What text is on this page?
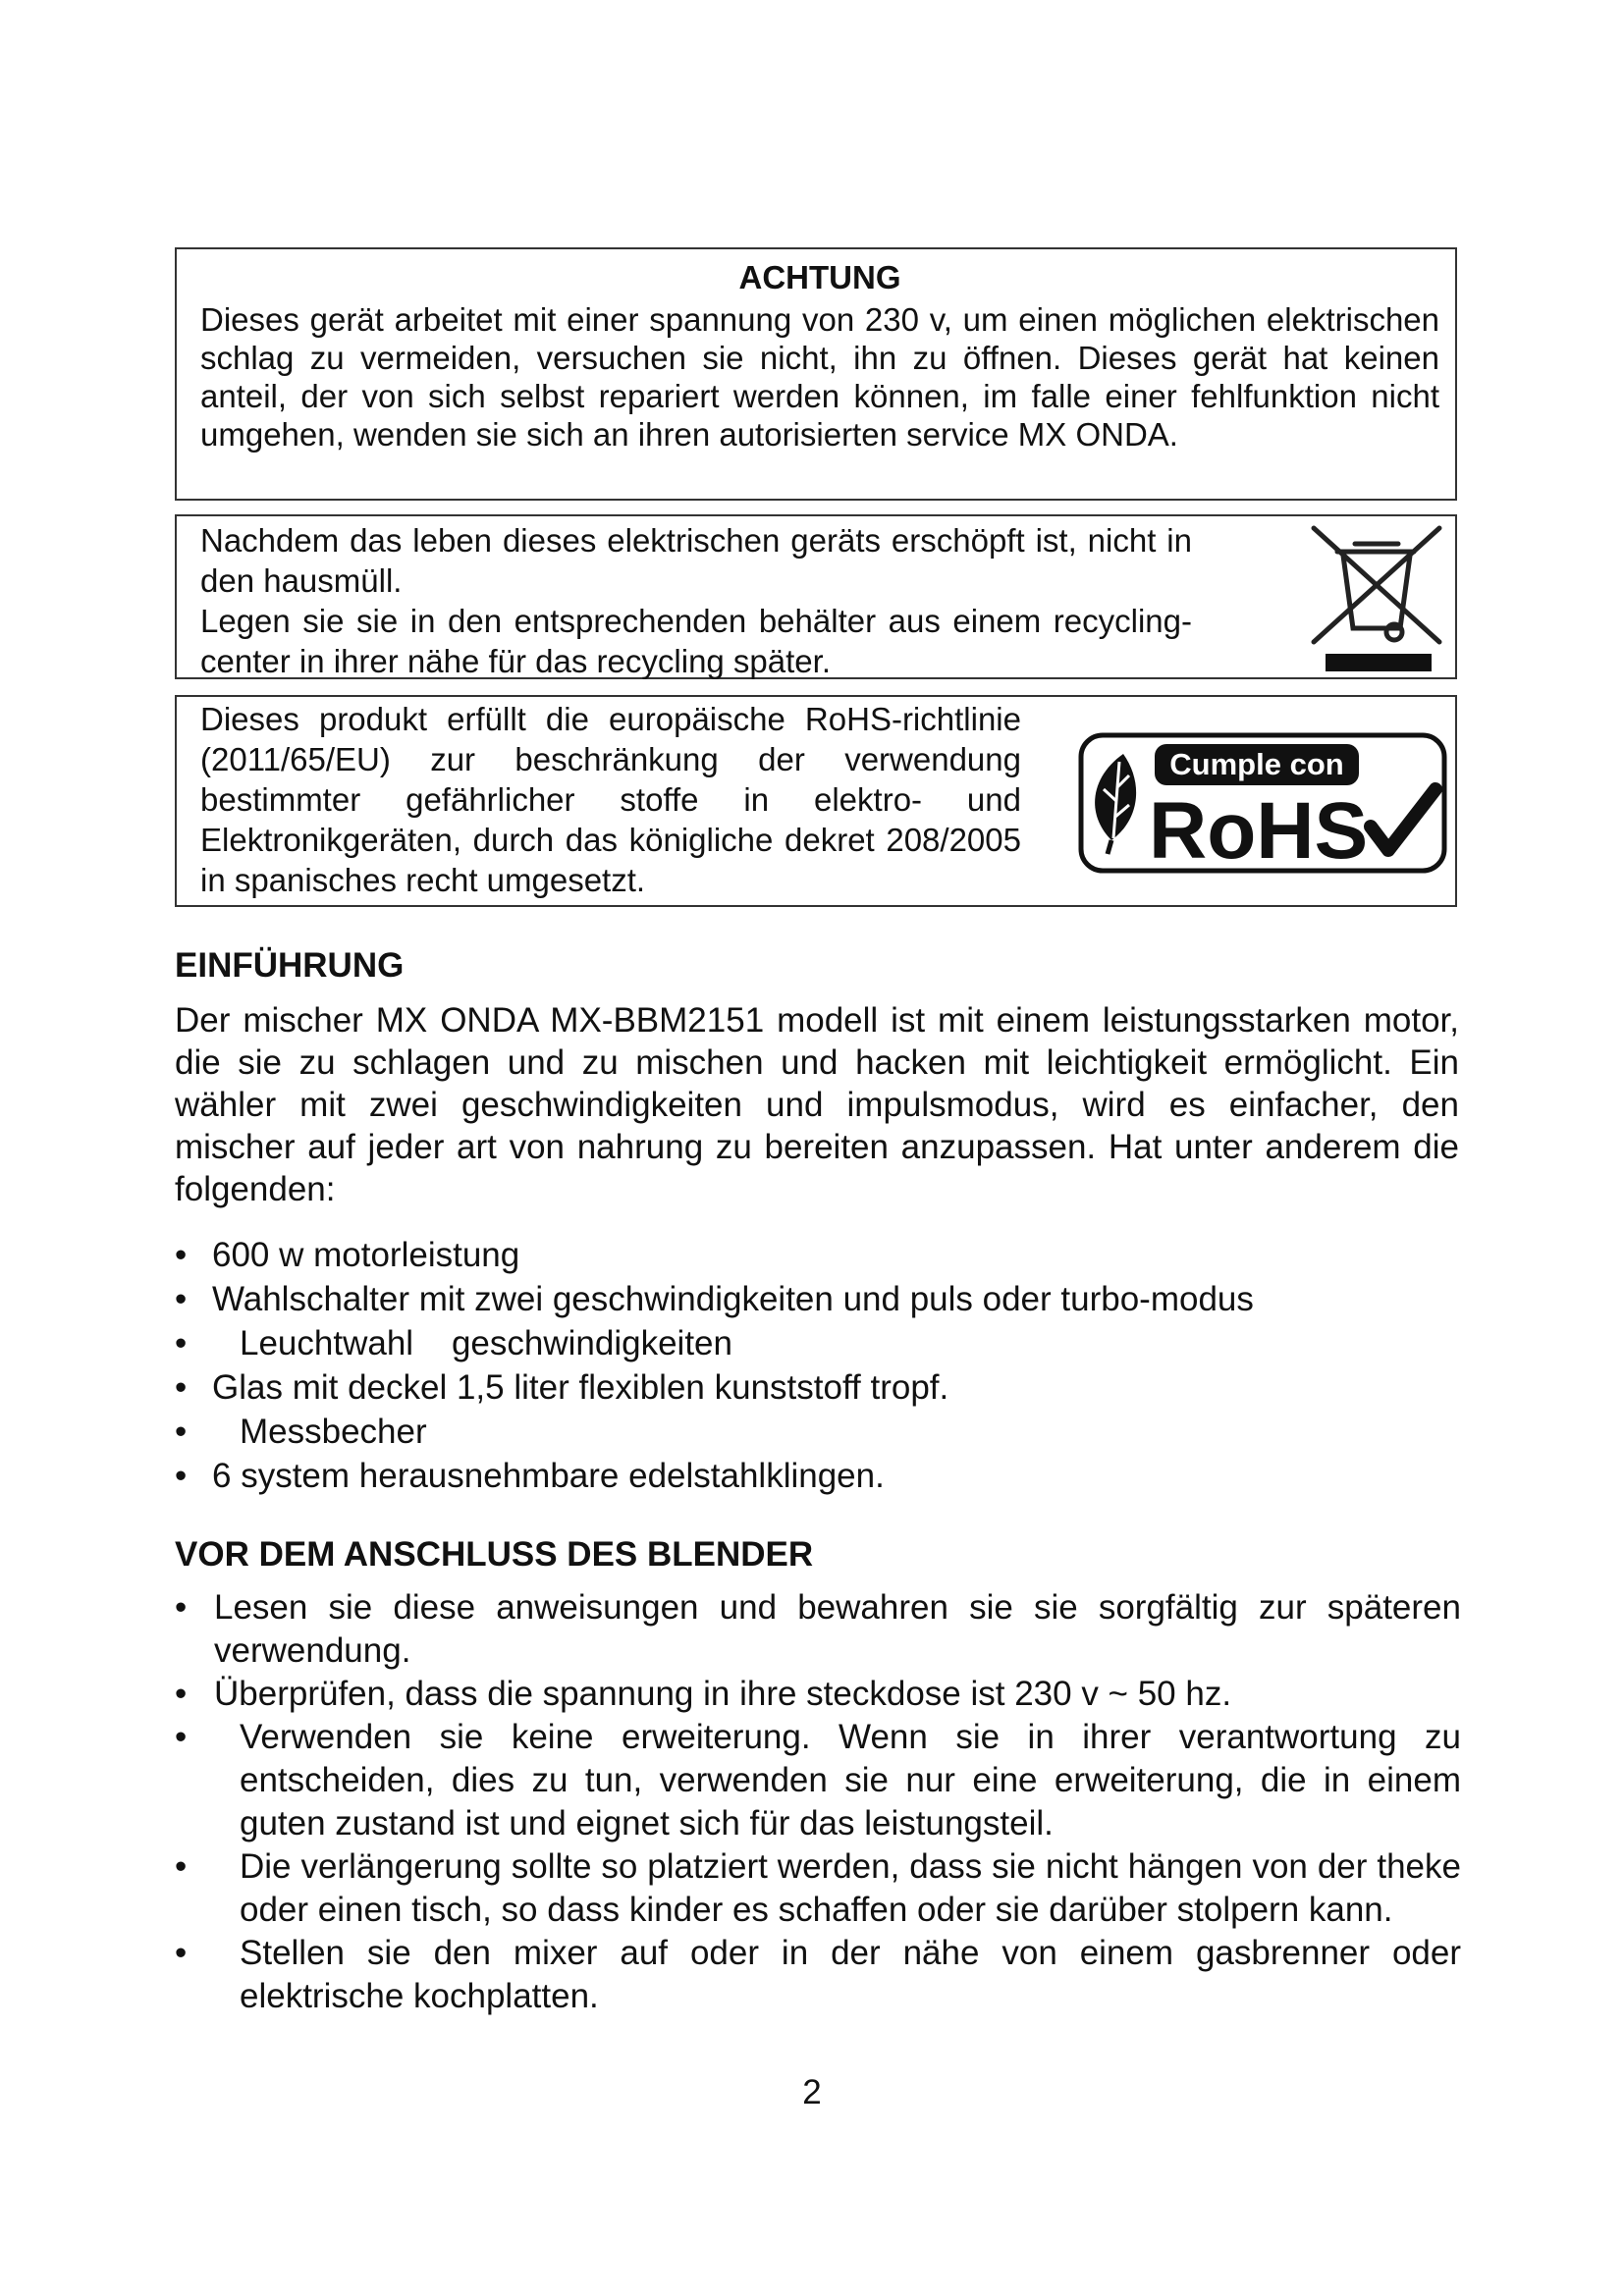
ACHTUNG
Dieses gerät arbeitet mit einer spannung von 230 v, um einen möglichen elektrischen schlag zu vermeiden, versuchen sie nicht, ihn zu öffnen. Dieses gerät hat keinen anteil, der von sich selbst repariert werden können, im falle einer fehlfunktion nicht umgehen, wenden sie sich an ihren autorisierten service MX ONDA.
Nachdem das leben dieses elektrischen geräts erschöpft ist, nicht in den hausmüll.
Legen sie sie in den entsprechenden behälter aus einem recycling-center in ihrer nähe für das recycling später.
Dieses produkt erfüllt die europäische RoHS-richtlinie (2011/65/EU) zur beschränkung der verwendung bestimmter gefährlicher stoffe in elektro- und Elektronikgeräten, durch das königliche dekret 208/2005 in spanisches recht umgesetzt.
Cumple con
RoHS
EINFÜHRUNG
Der mischer MX ONDA MX-BBM2151 modell ist mit einem leistungsstarken motor, die sie zu schlagen und zu mischen und hacken mit leichtigkeit ermöglicht. Ein wähler mit zwei geschwindigkeiten und impulsmodus, wird es einfacher, den mischer auf jeder art von nahrung zu bereiten anzupassen. Hat unter anderem die folgenden:
• 600 w motorleistung
• Wahlschalter mit zwei geschwindigkeiten und puls oder turbo-modus
• Leuchtwahl    geschwindigkeiten
• Glas mit deckel 1,5 liter flexiblen kunststoff tropf.
• Messbecher
• 6 system herausnehmbare edelstahlklingen.
VOR DEM ANSCHLUSS DES BLENDER
• Lesen sie diese anweisungen und bewahren sie sie sorgfältig zur späteren verwendung.
• Überprüfen, dass die spannung in ihre steckdose ist 230 v ~ 50 hz.
• Verwenden sie keine erweiterung. Wenn sie in ihrer verantwortung zu entscheiden, dies zu tun, verwenden sie nur eine erweiterung, die in einem guten zustand ist und eignet sich für das leistungsteil.
• Die verlängerung sollte so platziert werden, dass sie nicht hängen von der theke oder einen tisch, so dass kinder es schaffen oder sie darüber stolpern kann.
• Stellen sie den mixer auf oder in der nähe von einem gasbrenner oder elektrische kochplatten.
2
